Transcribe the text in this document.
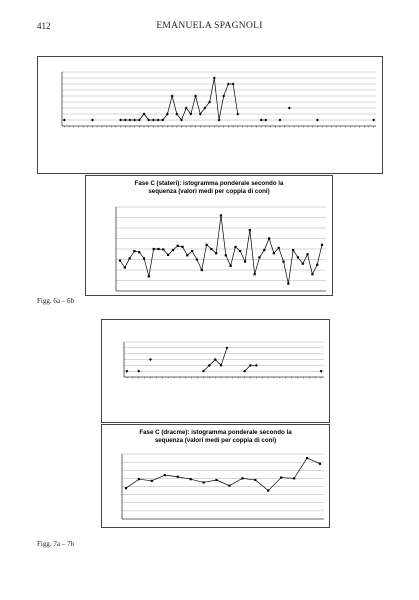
412	EMANUELA SPAGNOLI
Fase C (stateri): istogramma ponderale secondo la
sequenza (valori medi per coppia di coni)
Figg. 6a – 6b
Fase C (dracme): istogramma ponderale secondo la
sequenza (valori medi per coppia di coni)
Figg. 7a – 7b
